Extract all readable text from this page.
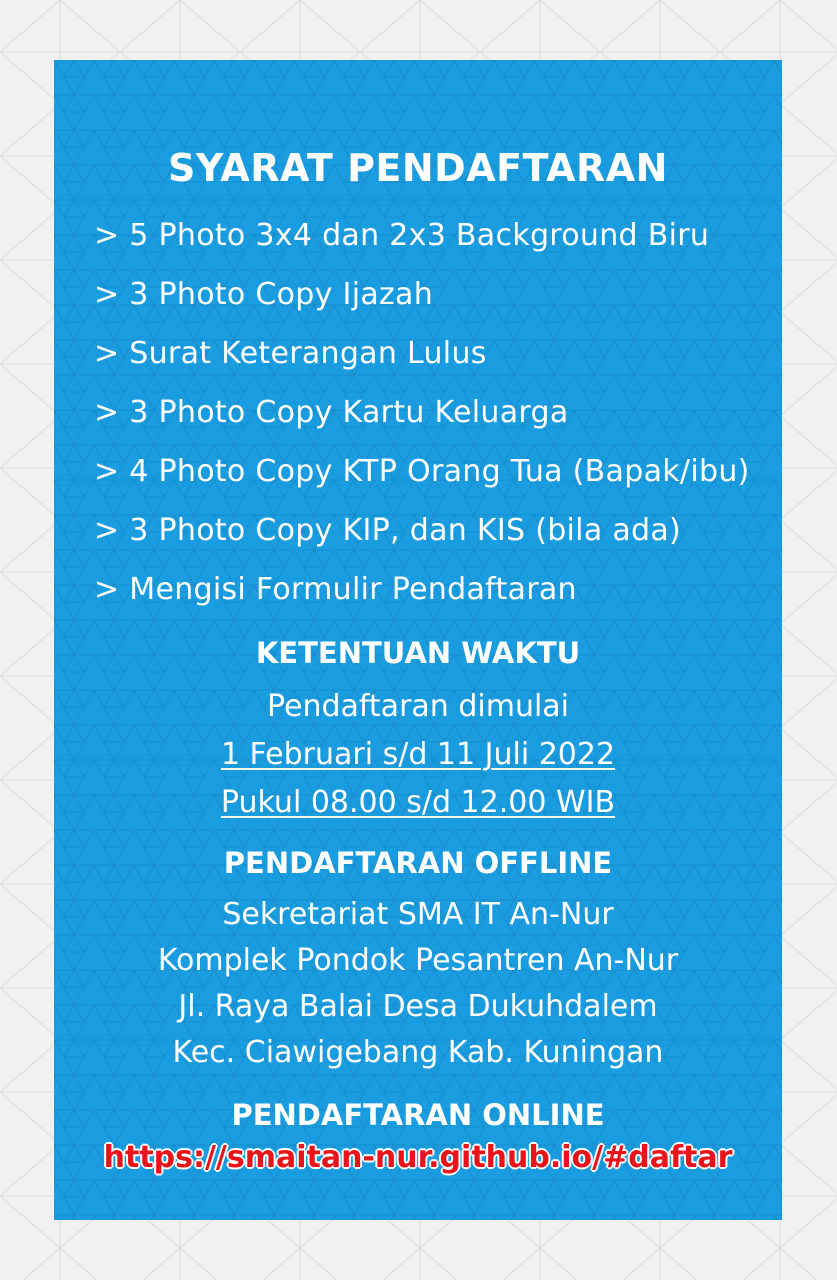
SYARAT PENDAFTARAN
> 5 Photo 3x4 dan 2x3 Background Biru
> 3 Photo Copy Ijazah
> Surat Keterangan Lulus
> 3 Photo Copy Kartu Keluarga
> 4 Photo Copy KTP Orang Tua (Bapak/ibu)
> 3 Photo Copy KIP, dan KIS (bila ada)
> Mengisi Formulir Pendaftaran
KETENTUAN WAKTU
Pendaftaran dimulai
1 Februari s/d 11 Juli 2022
Pukul 08.00 s/d 12.00 WIB
PENDAFTARAN OFFLINE
Sekretariat SMA IT An-Nur
Komplek Pondok Pesantren An-Nur
Jl. Raya Balai Desa Dukuhdalem
Kec. Ciawigebang Kab. Kuningan
PENDAFTARAN ONLINE
https://smaitan-nur.github.io/#daftar
